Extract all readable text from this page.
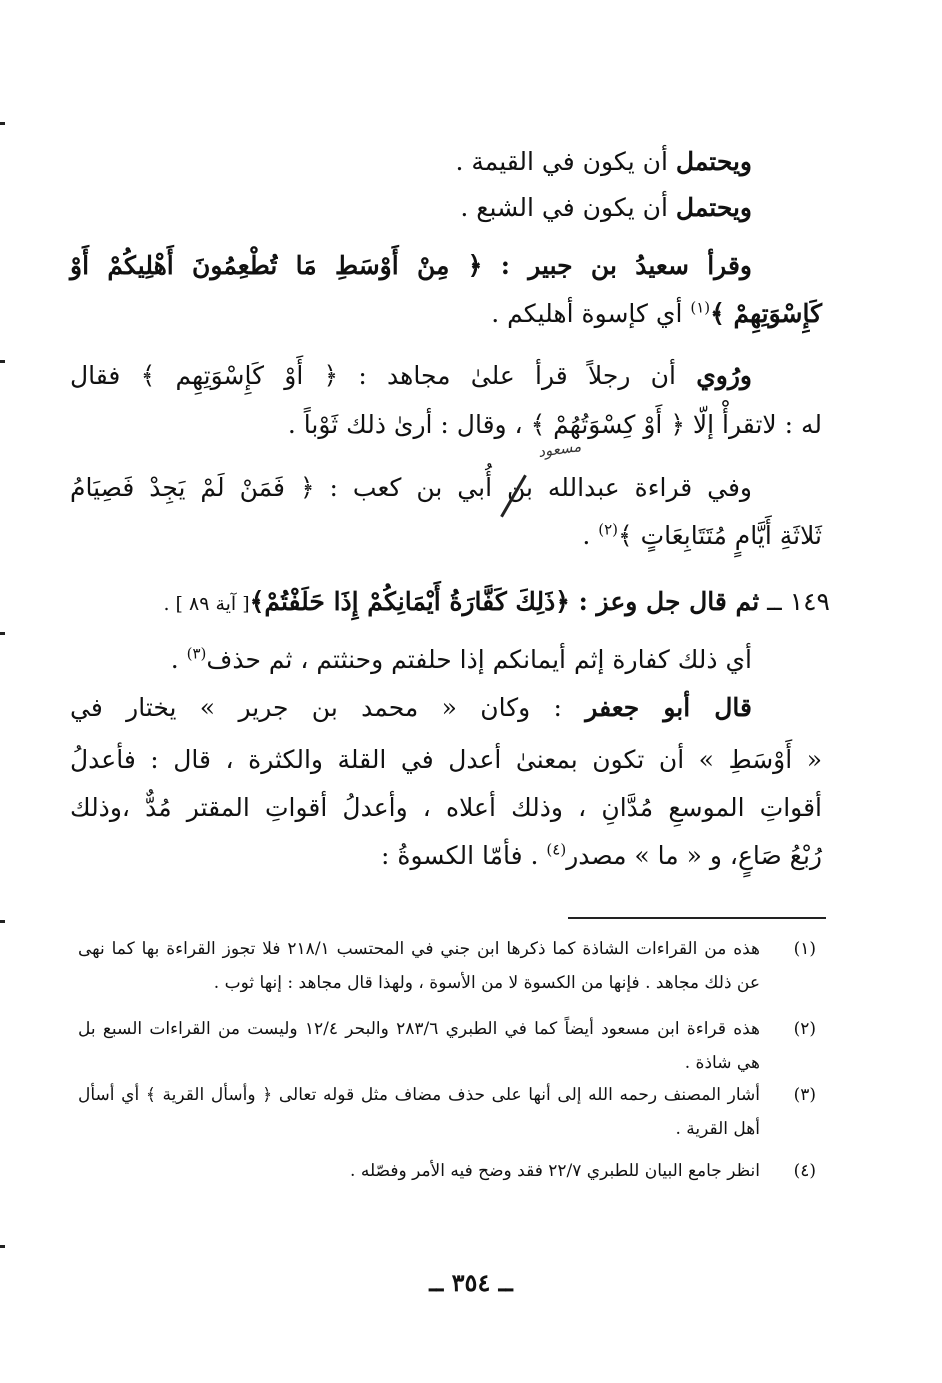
ويحتمل أن يكون في القيمة .
ويحتمل أن يكون في الشبع .
وقرأ سعيدُ بن جبير : ﴿ مِنْ أَوْسَطِ مَا تُطْعِمُونَ أَهْلِيكُمْ أَوْ
كَإِسْوَتِهِمْ ﴾$^{(١)}$ أي كإسوة أهليكم .
ورُوي أن رجلاً قرأ علىٰ مجاهد : ﴿ أَوْ كَإِسْوَتِهِم ﴾ فقال
له : لاتقرأْ إلّا ﴿ أَوْ كِسْوَتُهُمْ ﴾ ، وقال : أرىٰ ذلك ثَوْباً .
وفي قراءة عبدالله بن أُبي بن كعب : ﴿ فَمَنْ لَمْ يَجِدْ فَصِيَامُ
ثَلاثَةِ أَيَّامٍ مُتَتَابِعَاتٍ ﴾$^{(٢)}$ .
١٤٩ ــ ثم قال جل وعز : ﴿ذَلِكَ كَفَّارَةُ أَيْمَانِكُمْ إِذَا حَلَفْتُمْ﴾[ آية ٨٩ ] .
أي ذلك كفارة إثم أيمانكم إذا حلفتم وحنثتم ، ثم حذف$^{(٣)}$ .
قال أبو جعفر : وكان « محمد بن جرير » يختار في
« أَوْسَطِ » أن تكون بمعنىٰ أعدل في القلة والكثرة ، قال : فأعدلُ
أقواتِ الموسعِ مُدَّانِ ، وذلك أعلاه ، وأعدلُ أقواتِ المقتر مُدٌّ ،وذلك
رُبْعُ صَاعٍ، و « ما » مصدر$^{(٤)}$ . فأمّا الكسوةُ :
مسعود
(١)
هذه من القراءات الشاذة كما ذكرها ابن جني في المحتسب ٢١٨/١ فلا تجوز القراءة بها كما نهى عن ذلك مجاهد . فإنها من الكسوة لا من الأسوة ، ولهذا قال مجاهد : إنها ثوب .
(٢)
هذه قراءة ابن مسعود أيضاً كما في الطبري ٢٨٣/٦ والبحر ١٢/٤ وليست من القراءات السبع بل هي شاذة .
(٣)
أشار المصنف رحمه الله إلى أنها على حذف مضاف مثل قوله تعالى ﴿ وأسأل القرية ﴾ أي أسأل أهل القرية .
(٤)
انظر جامع البيان للطبري ٢٢/٧ فقد وضح فيه الأمر وفصّله .
ــ ٣٥٤ ــ
